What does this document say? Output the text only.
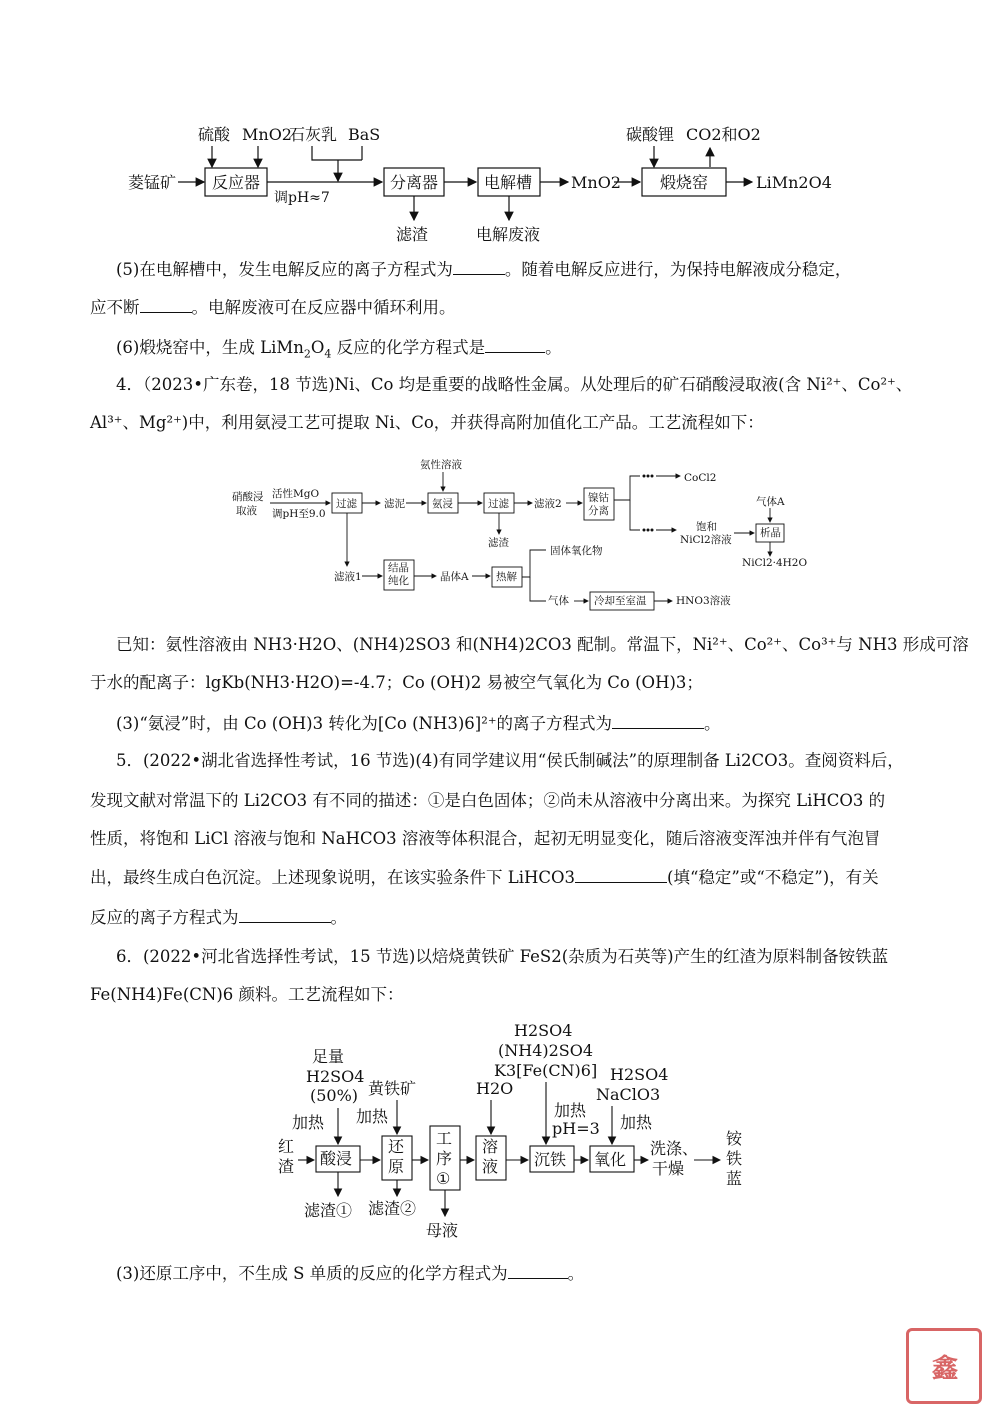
硫酸 MnO2
石灰乳 BaS
菱锰矿 反应器
调pH≈7
分离器
滤渣
电解槽
电解废液
MnO2
碳酸锂 CO2和O2
煅烧窑	LiMn2O4
(5)在电解槽中，发生电解反应的离子方程式为	。随着电解反应进行，为保持电解液成分稳定，
应不断	。电解废液可在反应器中循环利用。
(6)煅烧窑中，生成 $LiMn_2O_4$ 反应的化学方程式是	。
4．（2023•广东卷，18 节选)Ni、Co 均是重要的战略性金属。从处理后的矿石硝酸浸取液(含 Ni²⁺、Co²⁺、
Al³⁺、Mg²⁺)中，利用氨浸工艺可提取 Ni、Co，并获得高附加值化工产品。工艺流程如下：
氨性溶液
硝酸浸
取液
活性MgO
调pH至9.0
过滤	滤泥	氨浸	过滤 滤液2	镍钴
分离
CoCl2
饱和
NiCl2溶液
气体A
析晶
NiCl2·4H2O
滤渣
滤液1
结晶
纯化	晶体A	热解
固体氧化物
气体 冷却至室温	HNO3溶液
已知：氨性溶液由 NH3·H2O、(NH4)2SO3 和(NH4)2CO3 配制。常温下，Ni²⁺、Co²⁺、Co³⁺与 NH3 形成可溶
于水的配离子：lgKb(NH3·H2O)=-4.7；Co (OH)2 易被空气氧化为 Co (OH)3；
(3)“氨浸”时，由 Co (OH)3 转化为[Co (NH3)6]²⁺的离子方程式为	。
5．(2022•湖北省选择性考试，16 节选)(4)有同学建议用“侯氏制碱法”的原理制备 Li2CO3。查阅资料后，
发现文献对常温下的 Li2CO3 有不同的描述：①是白色固体；②尚未从溶液中分离出来。为探究 LiHCO3 的
性质，将饱和 LiCl 溶液与饱和 NaHCO3 溶液等体积混合，起初无明显变化，随后溶液变浑浊并伴有气泡冒
出，最终生成白色沉淀。上述现象说明，在该实验条件下 LiHCO3	(填“稳定”或“不稳定”)，有关
反应的离子方程式为	。
6．(2022•河北省选择性考试，15 节选)以焙烧黄铁矿 FeS2(杂质为石英等)产生的红渣为原料制备铵铁蓝
Fe(NH4)Fe(CN)6 颜料。工艺流程如下：
足量
H2SO4
(50%)
加热
红
渣 酸浸
滤渣①
黄铁矿
加热
还
原
滤渣②
工
序
①
母液
H2O
溶
液
H2SO4
(NH4)2SO4
K3[Fe(CN)6]
加热
pH=3
沉铁
H2SO4
NaClO3
加热
氧化
洗涤、
干燥
铵
铁
蓝
(3)还原工序中，不生成 S 单质的反应的化学方程式为	。
鑫
